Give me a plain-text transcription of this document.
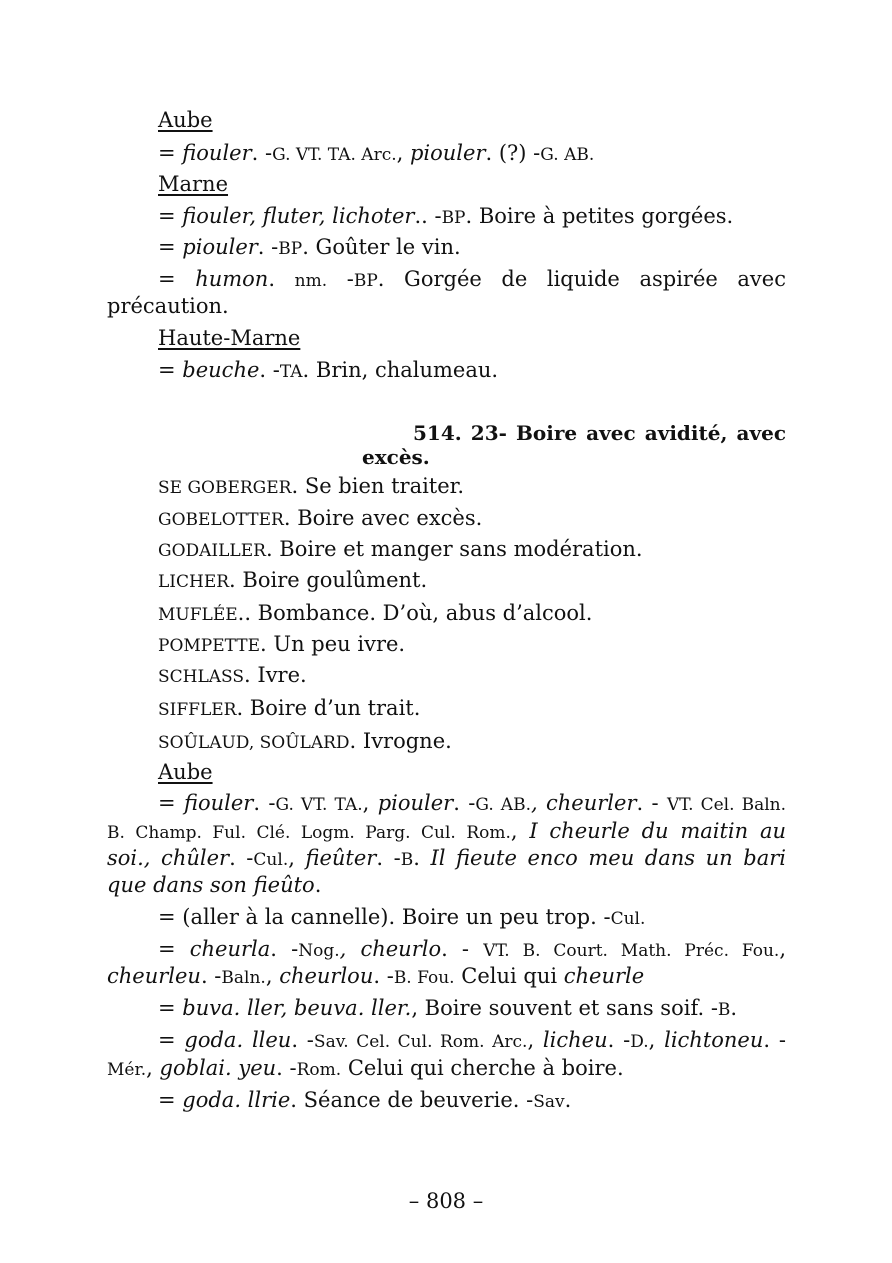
Aube
= fiouler. -G. VT. TA. Arc., piouler. (?) -G. AB.
Marne
= fiouler, fluter, lichoter.. -BP. Boire à petites gorgées.
= piouler. -BP. Goûter le vin.
= humon. nm. -BP. Gorgée de liquide aspirée avec
précaution.
Haute-Marne
= beuche. -TA. Brin, chalumeau.
514. 23- Boire avec avidité, avec
excès.
SE GOBERGER. Se bien traiter.
GOBELOTTER. Boire avec excès.
GODAILLER. Boire et manger sans modération.
LICHER. Boire goulûment.
MUFLÉE.. Bombance. D’où, abus d’alcool.
POMPETTE. Un peu ivre.
SCHLASS. Ivre.
SIFFLER. Boire d’un trait.
SOÛLAUD, SOÛLARD. Ivrogne.
Aube
= fiouler. -G. VT. TA., piouler. -G. AB., cheurler. - VT. Cel. Baln.
B. Champ. Ful. Clé. Logm. Parg. Cul. Rom., I cheurle du maitin au
soi., chûler. -Cul., fieûter. -B. Il fieute enco meu dans un bari
que dans son fieûto.
= (aller à la cannelle). Boire un peu trop. -Cul.
= cheurla. -Nog., cheurlo. - VT. B. Court. Math. Préc. Fou.,
cheurleu. -Baln., cheurlou. -B. Fou. Celui qui cheurle
= buva. ller, beuva. ller., Boire souvent et sans soif. -B.
= goda. lleu. -Sav. Cel. Cul. Rom. Arc., licheu. -D., lichtoneu. -
Mér., goblai. yeu. -Rom. Celui qui cherche à boire.
= goda. llrie. Séance de beuverie. -Sav.
– 808 –
